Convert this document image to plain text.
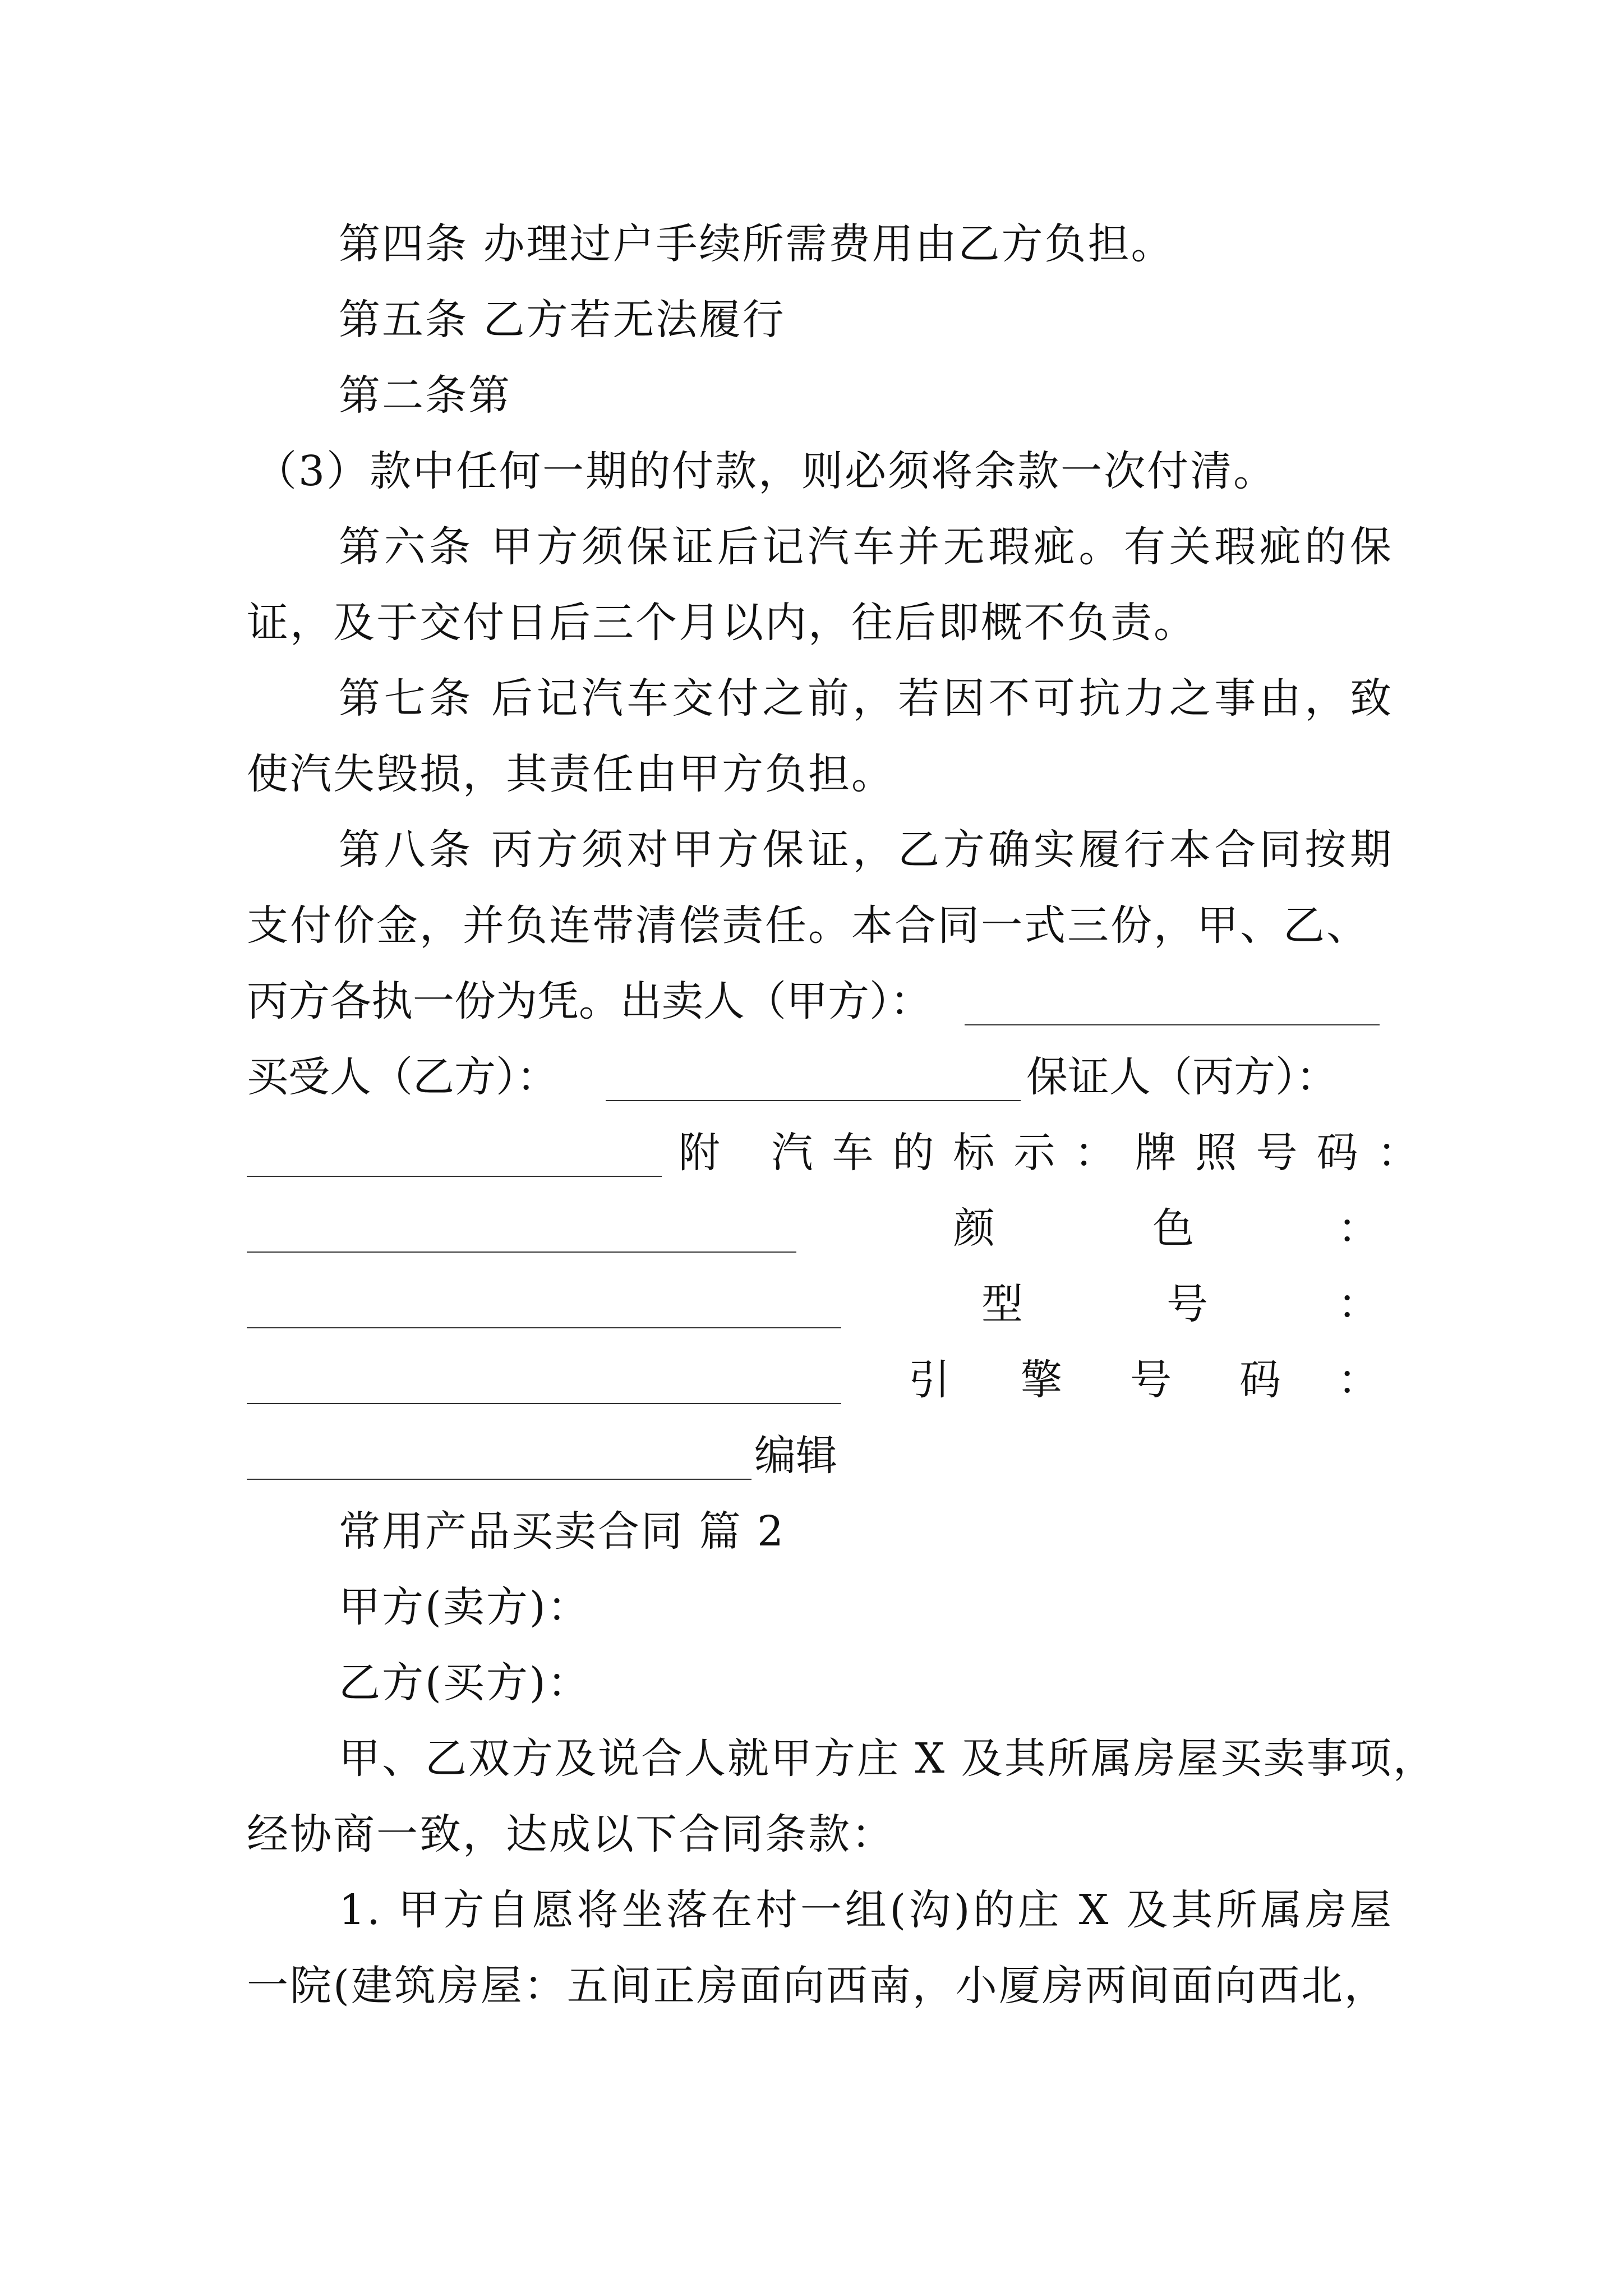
第四条 办理过户手续所需费用由乙方负担。
第五条 乙方若无法履行
第二条第
（3）款中任何一期的付款，则必须将余款一次付清。
第六条 甲方须保证后记汽车并无瑕疵。有关瑕疵的保
证，及于交付日后三个月以内，往后即概不负责。
第七条 后记汽车交付之前，若因不可抗力之事由，致
使汽失毁损，其责任由甲方负担。
第八条 丙方须对甲方保证，乙方确实履行本合同按期
支付价金，并负连带清偿责任。本合同一式三份，甲、乙、
丙方各执一份为凭。出卖人（甲方）：
买受人（乙方）：	保证人（丙方）：
附 汽车的标示：牌照号码：
颜	色	：
型	号	：
引 擎 号 码 ：
编辑
常用产品买卖合同 篇 2
甲方(卖方)：
乙方(买方)：
甲、乙双方及说合人就甲方庄 X 及其所属房屋买卖事项，
经协商一致，达成以下合同条款：
1. 甲方自愿将坐落在村一组(沟)的庄 X 及其所属房屋
一院(建筑房屋：五间正房面向西南，小厦房两间面向西北，
